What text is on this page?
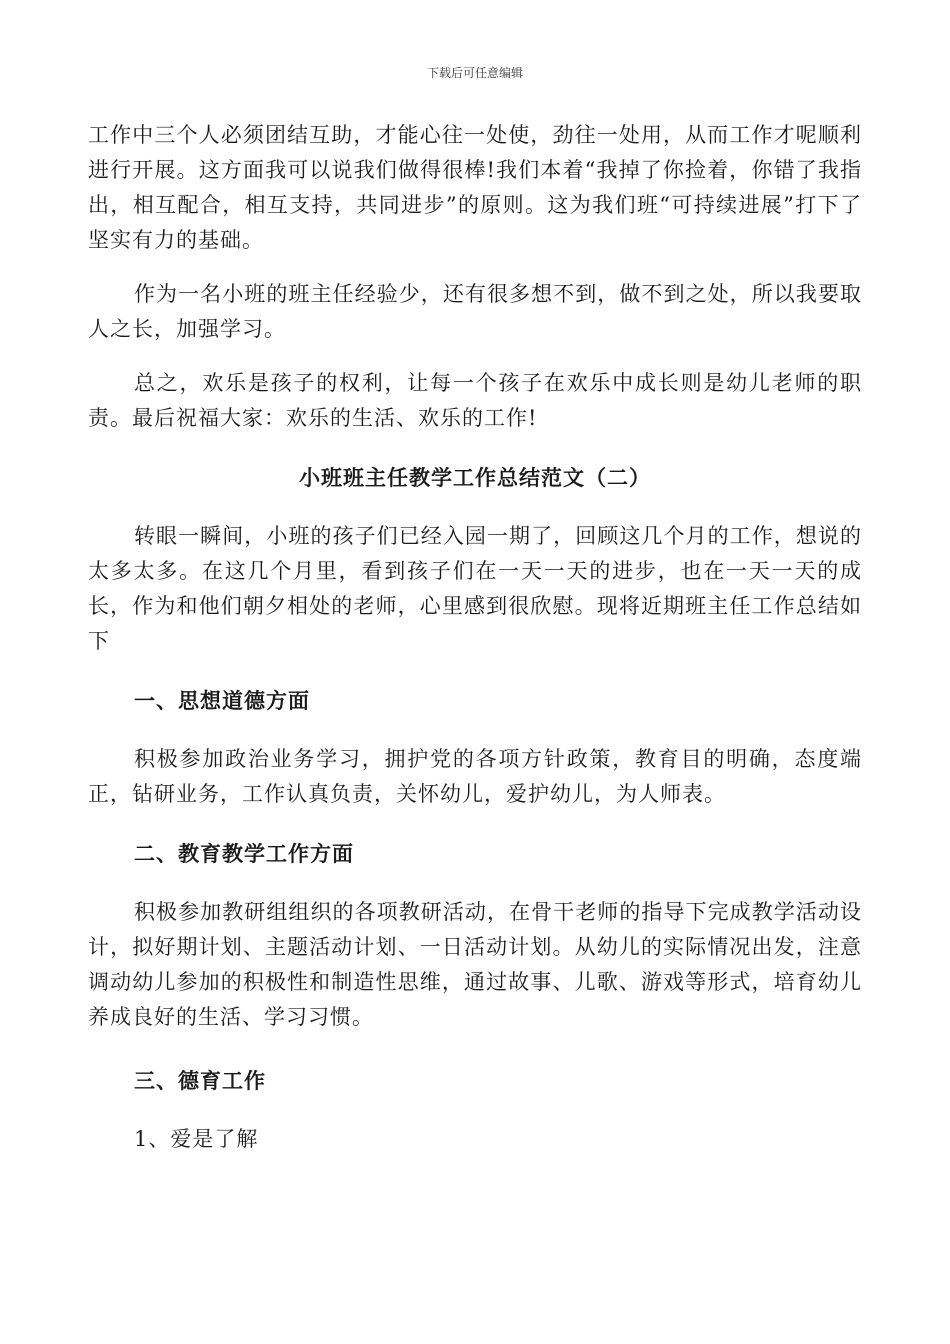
下载后可任意编辑

工作中三个人必须团结互助，才能心往一处使，劲往一处用，从而工作才呢顺利进行开展。这方面我可以说我们做得很棒!我们本着“我掉了你捡着，你错了我指出，相互配合，相互支持，共同进步”的原则。这为我们班“可持续进展”打下了坚实有力的基础。

作为一名小班的班主任经验少，还有很多想不到，做不到之处，所以我要取人之长，加强学习。

总之，欢乐是孩子的权利，让每一个孩子在欢乐中成长则是幼儿老师的职责。最后祝福大家：欢乐的生活、欢乐的工作!

小班班主任教学工作总结范文（二）

转眼一瞬间，小班的孩子们已经入园一期了，回顾这几个月的工作，想说的太多太多。在这几个月里，看到孩子们在一天一天的进步，也在一天一天的成长，作为和他们朝夕相处的老师，心里感到很欣慰。现将近期班主任工作总结如下

一、思想道德方面

积极参加政治业务学习，拥护党的各项方针政策，教育目的明确，态度端正，钻研业务，工作认真负责，关怀幼儿，爱护幼儿，为人师表。

二、教育教学工作方面

积极参加教研组组织的各项教研活动，在骨干老师的指导下完成教学活动设计，拟好期计划、主题活动计划、一日活动计划。从幼儿的实际情况出发，注意调动幼儿参加的积极性和制造性思维，通过故事、儿歌、游戏等形式，培育幼儿养成良好的生活、学习习惯。

三、德育工作

1、爱是了解
